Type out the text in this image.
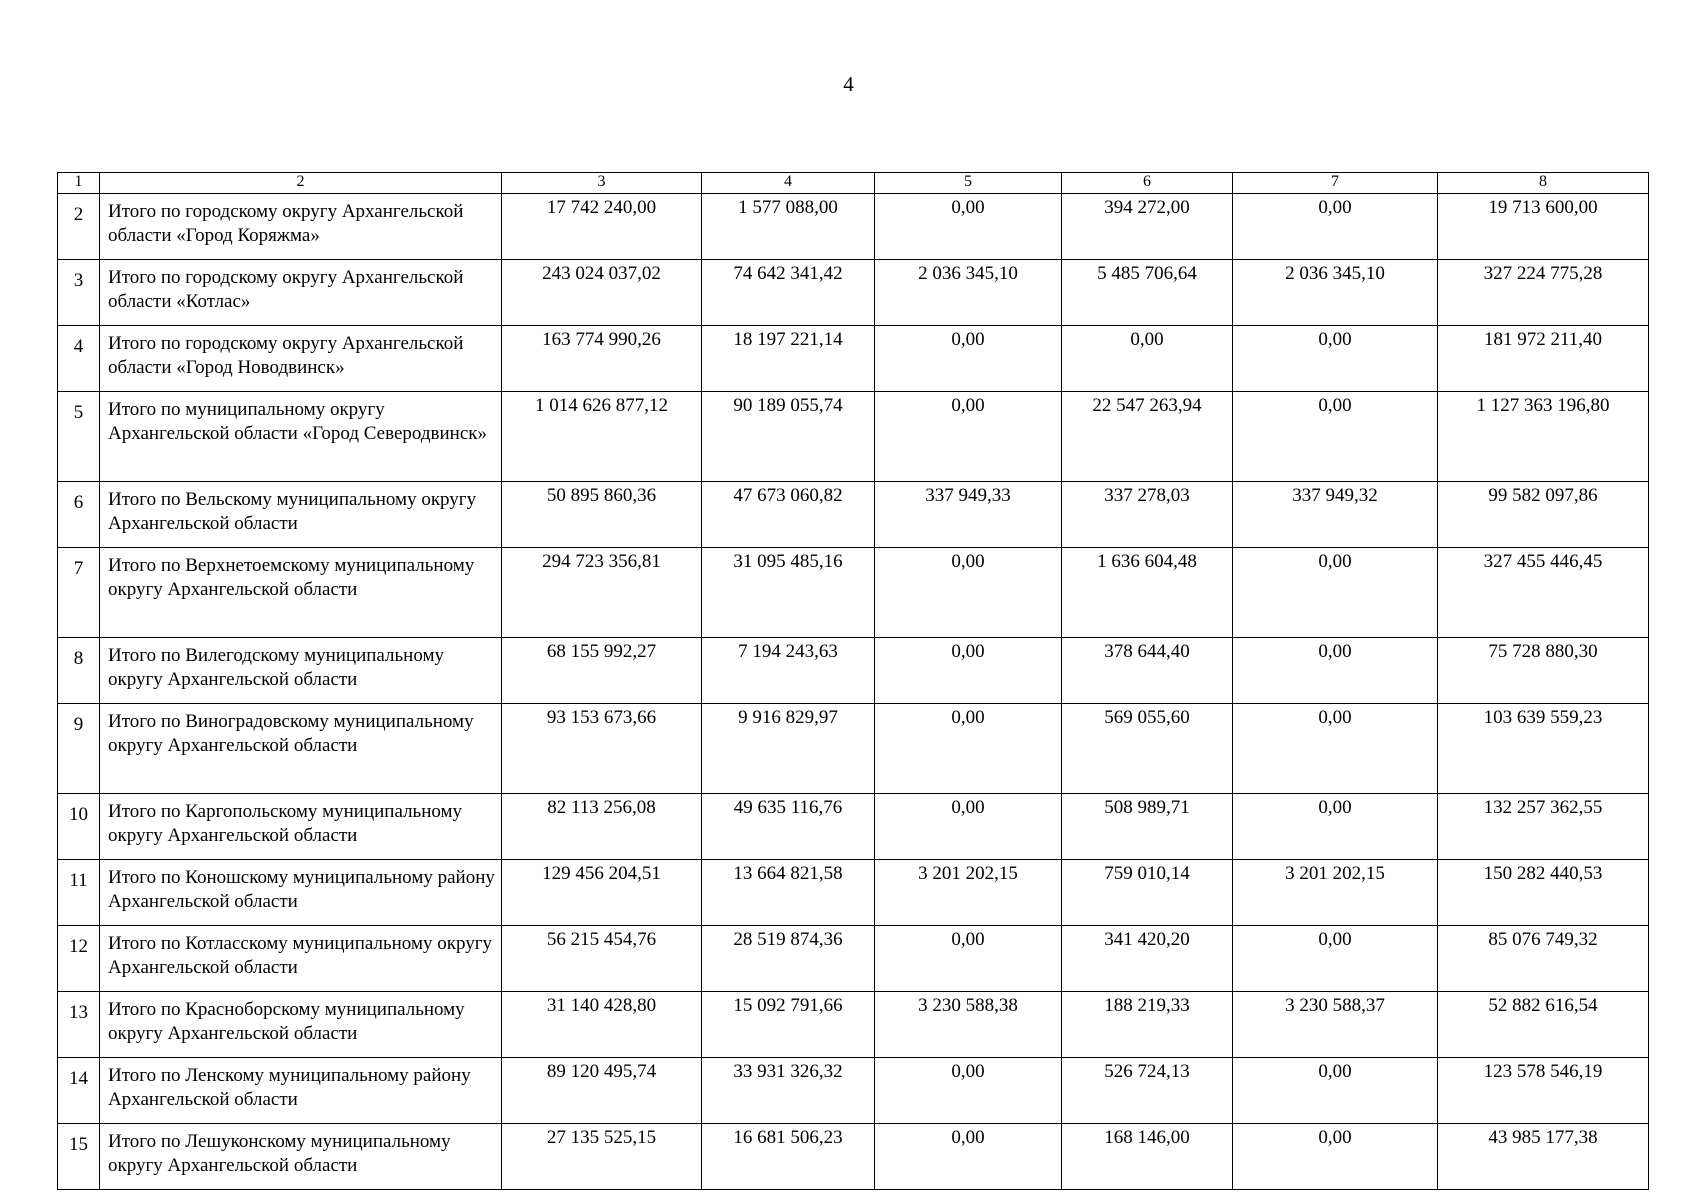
4
1	2	3	4	5	6	7	8
2	Итого по городскому округу Архангельской области «Город Коряжма»	17 742 240,00	1 577 088,00	0,00	394 272,00	0,00	19 713 600,00
3	Итого по городскому округу Архангельской области «Котлас»	243 024 037,02	74 642 341,42	2 036 345,10	5 485 706,64	2 036 345,10	327 224 775,28
4	Итого по городскому округу Архангельской области «Город Новодвинск»	163 774 990,26	18 197 221,14	0,00	0,00	0,00	181 972 211,40
5	Итого по муниципальному округу Архангельской области «Город Северодвинск»	1 014 626 877,12	90 189 055,74	0,00	22 547 263,94	0,00	1 127 363 196,80
6	Итого по Вельскому муниципальному округу Архангельской области	50 895 860,36	47 673 060,82	337 949,33	337 278,03	337 949,32	99 582 097,86
7	Итого по Верхнетоемскому муниципальному округу Архангельской области	294 723 356,81	31 095 485,16	0,00	1 636 604,48	0,00	327 455 446,45
8	Итого по Вилегодскому муниципальному округу Архангельской области	68 155 992,27	7 194 243,63	0,00	378 644,40	0,00	75 728 880,30
9	Итого по Виноградовскому муниципальному округу Архангельской области	93 153 673,66	9 916 829,97	0,00	569 055,60	0,00	103 639 559,23
10	Итого по Каргопольскому муниципальному округу Архангельской области	82 113 256,08	49 635 116,76	0,00	508 989,71	0,00	132 257 362,55
11	Итого по Коношскому муниципальному району Архангельской области	129 456 204,51	13 664 821,58	3 201 202,15	759 010,14	3 201 202,15	150 282 440,53
12	Итого по Котласскому муниципальному округу Архангельской области	56 215 454,76	28 519 874,36	0,00	341 420,20	0,00	85 076 749,32
13	Итого по Красноборскому муниципальному округу Архангельской области	31 140 428,80	15 092 791,66	3 230 588,38	188 219,33	3 230 588,37	52 882 616,54
14	Итого по Ленскому муниципальному району Архангельской области	89 120 495,74	33 931 326,32	0,00	526 724,13	0,00	123 578 546,19
15	Итого по Лешуконскому муниципальному округу Архангельской области	27 135 525,15	16 681 506,23	0,00	168 146,00	0,00	43 985 177,38
